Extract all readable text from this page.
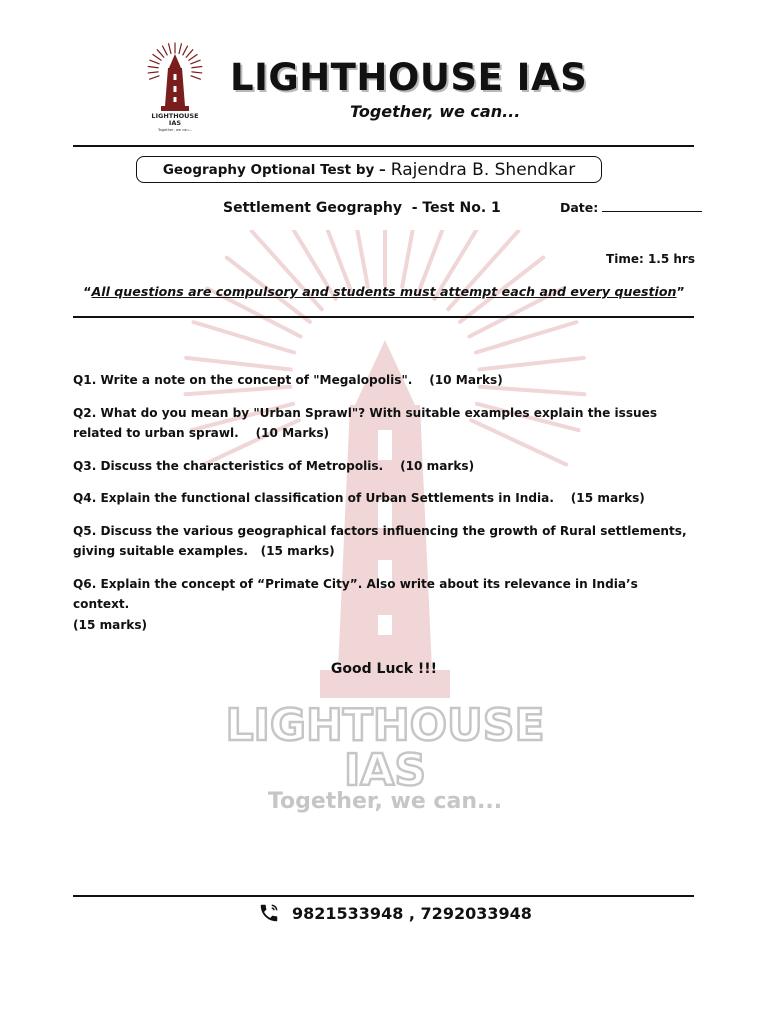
LIGHTHOUSE
IAS
Together, we can...
LIGHTHOUSE
IAS
Together, we can...
LIGHTHOUSE IAS
Together, we can...
Geography Optional Test by – Rajendra B. Shendkar
Settlement Geography  - Test No. 1	Date:
Time: 1.5 hrs
“All questions are compulsory and students must attempt each and every question”

Q1. Write a note on the concept of "Megalopolis".    (10 Marks)

Q2. What do you mean by "Urban Sprawl"? With suitable examples explain the issues related to urban sprawl.    (10 Marks)

Q3. Discuss the characteristics of Metropolis.    (10 marks)

Q4. Explain the functional classification of Urban Settlements in India.    (15 marks)

Q5. Discuss the various geographical factors influencing the growth of Rural settlements, giving suitable examples.   (15 marks)

Q6. Explain the concept of “Primate City”. Also write about its relevance in India’s context.

(15 marks)

Good Luck !!!
9821533948 , 7292033948
